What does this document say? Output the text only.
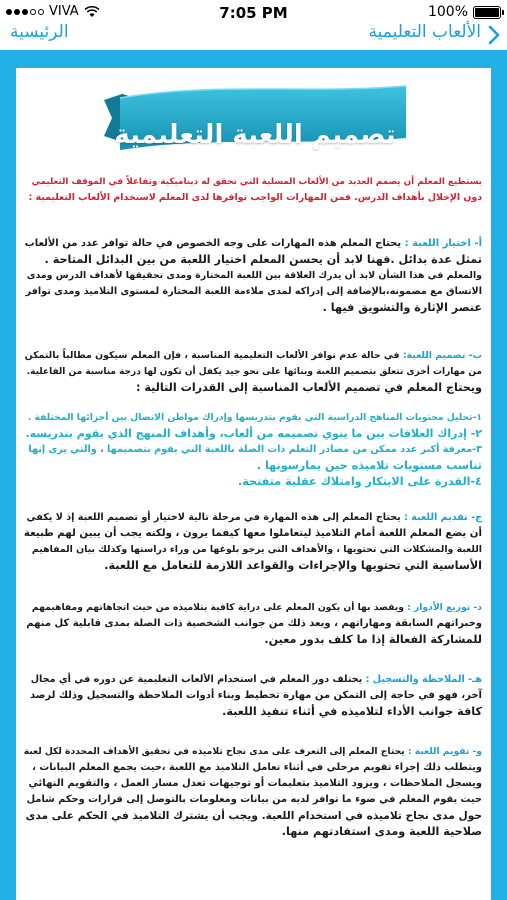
VIVA	7:05 PM	100%
الرئيسية	الألعاب التعليمية
تصميم اللعبة التعليمية
يستطيع المعلم أن يصمم العديد من الألعاب المسلية التي تحقق له ديناميكية وتفاعلاً في الموقف التعليمي
دون الإخلال بأهداف الدرس. فمن المهارات الواجب توافرها لدى المعلم لاستخدام الألعاب التعليمية :
أ- اختيار اللعبة : يحتاج المعلم هذه المهارات على وجه الخصوص في حالة توافر عدد من الألعاب
تمثل عدة بدائل .فهنا لابد أن يحسن المعلم اختيار اللعبة من بين البدائل المتاحة .
والمعلم في هذا الشأن لابد أن يدرك العلاقة بين اللعبة المختارة ومدى تحقيقها لأهداف الدرس ومدى
الاتساق مع مضمونه،بالإضافة إلى إدراكه لمدى ملاءمة اللعبة المختارة لمستوى التلاميذ ومدى توافر
عنصر الإثارة والتشويق فيها .
ب- تصميم اللعبة: في حالة عدم توافر الألعاب التعليمية المناسبة ، فإن المعلم سيكون مطالباً بالتمكن
من مهارات أخرى تتعلق بتصميم اللعبة وبنائها على نحو جيد يكفل أن تكون لها درجة مناسبة من الفاعلية.
ويحتاج المعلم في تصميم الألعاب المناسبة إلى القدرات التالية :
١-تحليل محتويات المناهج الدراسية التي يقوم بتدريسها وإدراك مواطن الاتصال بين أجزائها المختلفة .
٢- إدراك العلاقات بين ما ينوي تصميمه من ألعاب، وأهداف المنهج الذي يقوم بتدريسه.
٣-معرفة أكبر عدد ممكن من مصادر التعلم ذات الصلة باللعبة التي يقوم بتصميمها ، والتي يرى إنها
تناسب مستويات تلاميذه حين يمارسونها .
٤-القدرة على الابتكار وامتلاك عقلية متفتحة.
ج- تقديم اللعبة : يحتاج المعلم إلى هذه المهارة في مرحلة تالية لاختيار أو تصميم اللعبة إذ لا يكفي
أن يضع المعلم اللعبة أمام التلاميذ ليتعاملوا معها كيفما يرون ، ولكنه يجب أن يبين لهم طبيعة
اللعبة والمشكلات التي تحتويها ، والأهداف التي يرجو بلوغها من وراء دراستها وكذلك بيان المفاهيم
الأساسية التي تحتويها والإجراءات والقواعد اللازمة للتعامل مع اللعبة.
د- توزيع الأدوار : ويقصد بها أن يكون المعلم على دراية كافية بتلاميذه من حيث اتجاهاتهم ومفاهيمهم
وخبراتهم السابقة ومهاراتهم ، ويعد ذلك من جوانب الشخصية ذات الصلة بمدى قابلية كل منهم
للمشاركة الفعالة إذا ما كلف بدور معين.
هـ- الملاحظة والتسجيل : يختلف دور المعلم في استخدام الألعاب التعليمية عن دوره في أي مجال
آخر، فهو في حاجة إلى التمكن من مهارة تخطيط وبناء أدوات الملاحظة والتسجيل وذلك لرصد
كافة جوانب الأداء لتلاميذه في أثناء تنفيذ اللعبة.
و- تقويم اللعبة : يحتاج المعلم إلى التعرف على مدى نجاح تلاميذه في تحقيق الأهداف المحددة لكل لعبة
ويتطلب ذلك إجراء تقويم مرحلي في أثناء تعامل التلاميذ مع اللعبة ،حيث يجمع المعلم البيانات ،
ويسجل الملاحظات ، ويزود التلاميذ بتعليمات أو توجيهات تعدل مسار العمل ، والتقويم النهائي
حيث يقوم المعلم في ضوء ما توافر لديه من بيانات ومعلومات بالتوصل إلى قرارات وحكم شامل
حول مدى نجاح تلاميذه في استخدام اللعبة. ويجب أن يشترك التلاميذ في الحكم على مدى
صلاحية اللعبة ومدى استفادتهم منها.
